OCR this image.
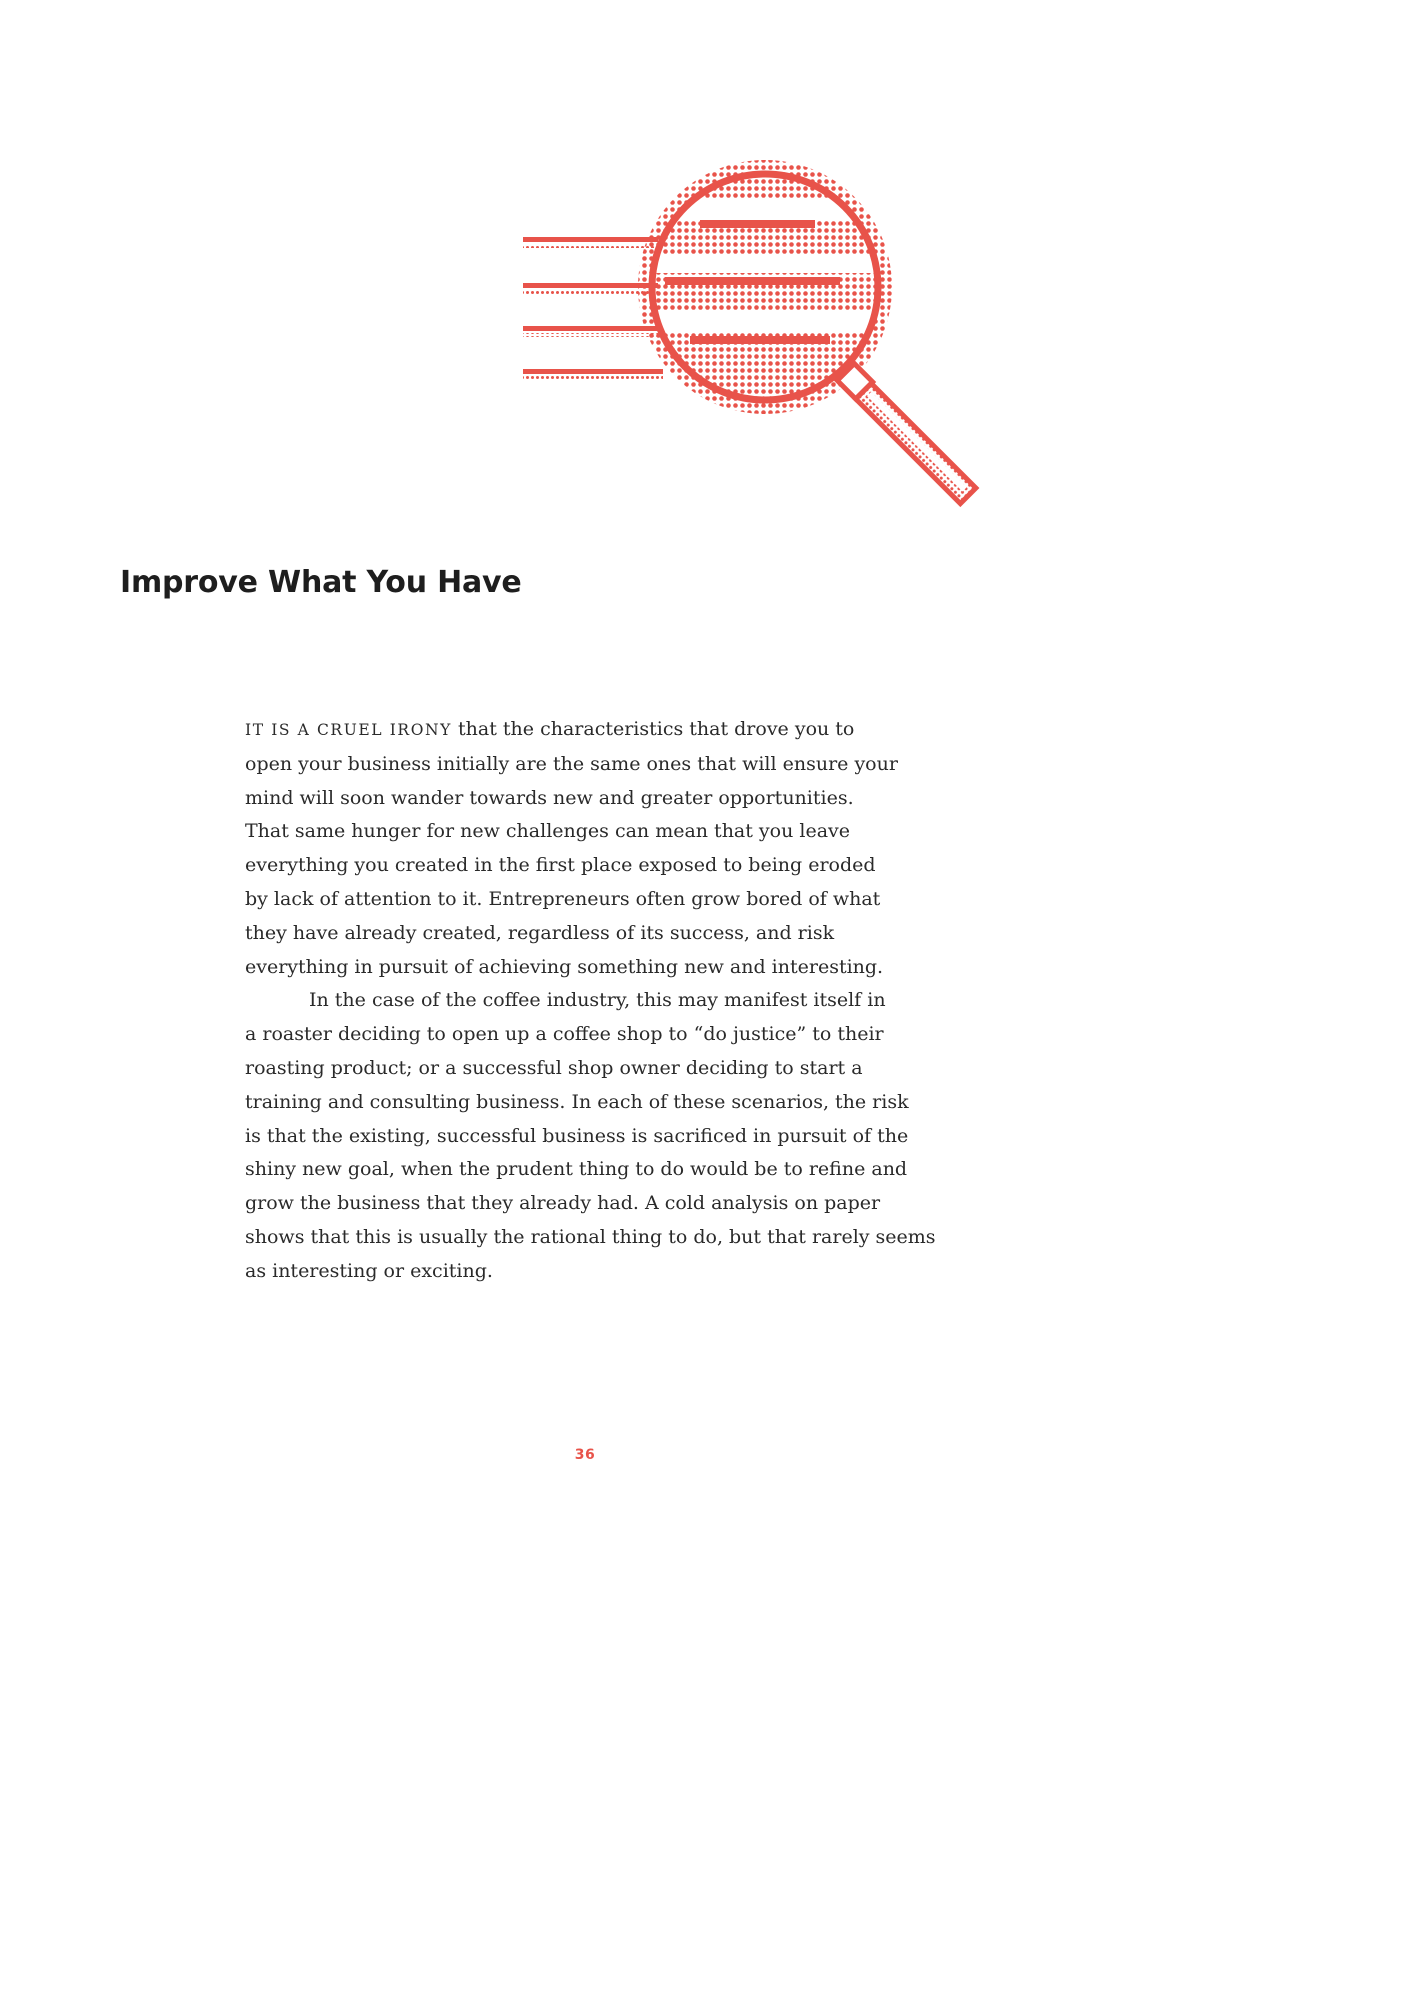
Improve What You Have
IT IS A CRUEL IRONY that the characteristics that drove you to
open your business initially are the same ones that will ensure your
mind will soon wander towards new and greater opportunities.
That same hunger for new challenges can mean that you leave
everything you created in the first place exposed to being eroded
by lack of attention to it. Entrepreneurs often grow bored of what
they have already created, regardless of its success, and risk
everything in pursuit of achieving something new and interesting.
In the case of the coffee industry, this may manifest itself in
a roaster deciding to open up a coffee shop to “do justice” to their
roasting product; or a successful shop owner deciding to start a
training and consulting business. In each of these scenarios, the risk
is that the existing, successful business is sacrificed in pursuit of the
shiny new goal, when the prudent thing to do would be to refine and
grow the business that they already had. A cold analysis on paper
shows that this is usually the rational thing to do, but that rarely seems
as interesting or exciting.
36
